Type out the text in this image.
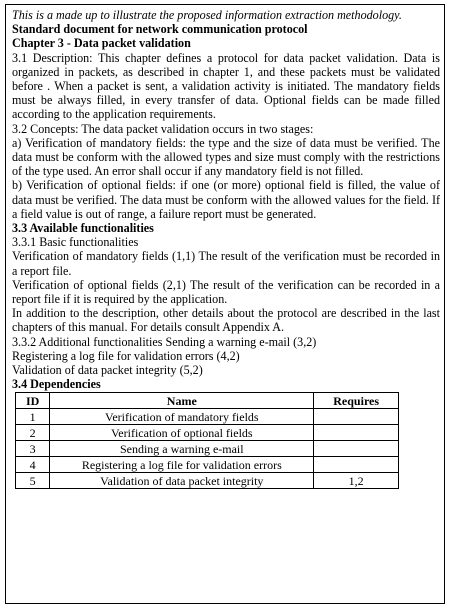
This is a made up to illustrate the proposed information extraction methodology.

Standard document for network communication protocol

Chapter 3 - Data packet validation

3.1 Description: This chapter defines a protocol for data packet validation. Data is organized in packets, as described in chapter 1, and these packets must be validated before . When a packet is sent, a validation activity is initiated. The mandatory fields must be always filled, in every transfer of data. Optional fields can be made filled according to the application requirements.

3.2 Concepts: The data packet validation occurs in two stages:

a) Verification of mandatory fields: the type and the size of data must be verified. The data must be conform with the allowed types and size must comply with the restrictions of the type used. An error shall occur if any mandatory field is not filled.

b) Verification of optional fields: if one (or more) optional field is filled, the value of data must be verified. The data must be conform with the allowed values for the field. If a field value is out of range, a failure report must be generated.

3.3 Available functionalities

3.3.1 Basic functionalities

Verification of mandatory fields (1,1) The result of the verification must be recorded in a report file.

Verification of optional fields (2,1) The result of the verification can be recorded in a report file if it is required by the application.

In addition to the description, other details about the protocol are described in the last chapters of this manual. For details consult Appendix A.

3.3.2 Additional functionalities Sending a warning e-mail (3,2)

Registering a log file for validation errors (4,2)

Validation of data packet integrity (5,2)

3.4 Dependencies

ID	Name	Requires
1	Verification of mandatory fields	
2	Verification of optional fields	
3	Sending a warning e-mail	
4	Registering a log file for validation errors	
5	Validation of data packet integrity	1,2
